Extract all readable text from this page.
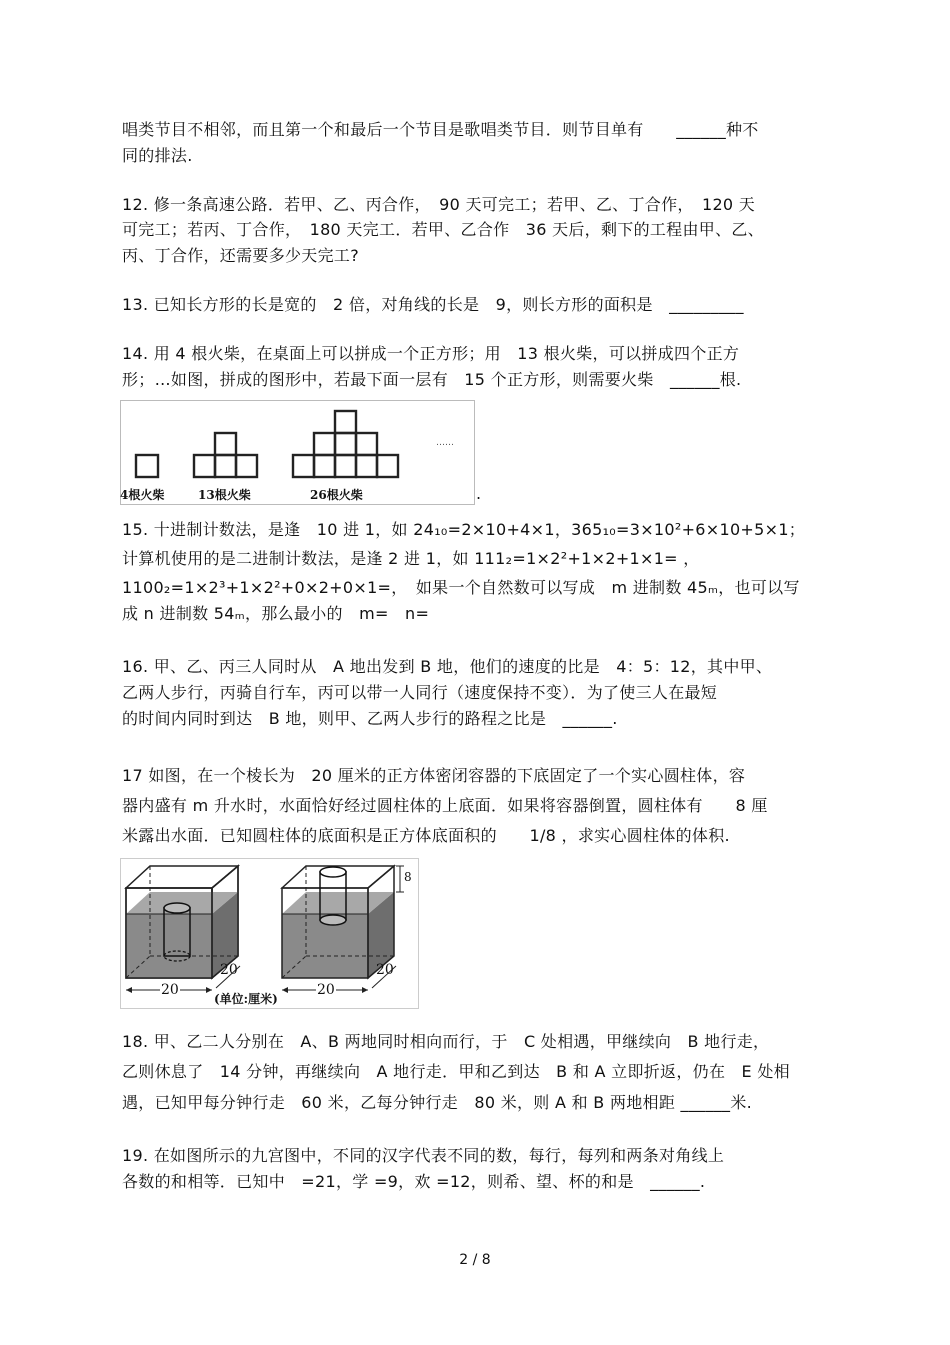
唱类节目不相邻，而且第一个和最后一个节目是歌唱类节目．则节目单有　　______种不
同的排法.
12. 修一条高速公路．若甲、乙、丙合作，　90 天可完工；若甲、乙、丁合作，　120 天
可完工；若丙、丁合作，　180 天完工．若甲、乙合作　36 天后，剩下的工程由甲、乙、
丙、丁合作，还需要多少天完工?
13. 已知长方形的长是宽的　2 倍，对角线的长是　9，则长方形的面积是　_________
14. 用 4 根火柴，在桌面上可以拼成一个正方形；用　13 根火柴，可以拼成四个正方
形；…如图，拼成的图形中，若最下面一层有　15 个正方形，则需要火柴　______根.
4根火柴	13根火柴	26根火柴
……
.
15. 十进制计数法，是逢　10 进 1，如 24₁₀=2×10+4×1，365₁₀=3×10²+6×10+5×1；
计算机使用的是二进制计数法，是逢 2 进 1，如 111₂=1×2²+1×2+1×1= ，
1100₂=1×2³+1×2²+0×2+0×1=，　如果一个自然数可以写成　m 进制数 45ₘ，也可以写
成 n 进制数 54ₘ，那么最小的　m=　n=
16. 甲、乙、丙三人同时从　A 地出发到 B 地，他们的速度的比是　4：5：12，其中甲、
乙两人步行，丙骑自行车，丙可以带一人同行（速度保持不变）．为了使三人在最短
的时间内同时到达　B 地，则甲、乙两人步行的路程之比是　______.
17 如图，在一个棱长为　20 厘米的正方体密闭容器的下底固定了一个实心圆柱体，容
器内盛有 m 升水时，水面恰好经过圆柱体的上底面．如果将容器倒置，圆柱体有　　8 厘
米露出水面．已知圆柱体的底面积是正方体底面积的　　1/8 ，求实心圆柱体的体积.
20
20
20
20
8
(单位:厘米)
18. 甲、乙二人分别在　A、B 两地同时相向而行，于　C 处相遇，甲继续向　B 地行走，
乙则休息了　14 分钟，再继续向　A 地行走．甲和乙到达　B 和 A 立即折返，仍在　E 处相
遇，已知甲每分钟行走　60 米，乙每分钟行走　80 米，则 A 和 B 两地相距 ______米.
19. 在如图所示的九宫图中，不同的汉字代表不同的数，每行，每列和两条对角线上
各数的和相等．已知中　=21，学 =9，欢 =12，则希、望、杯的和是　______.
2 / 8
